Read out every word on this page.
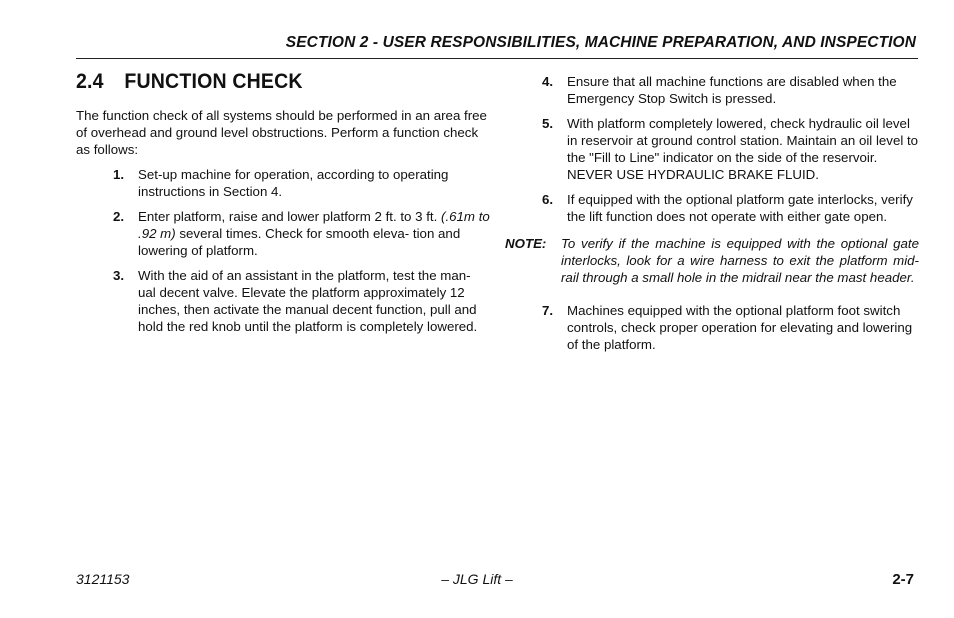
SECTION 2 - USER RESPONSIBILITIES, MACHINE PREPARATION, AND INSPECTION
2.4 FUNCTION CHECK

The function check of all systems should be performed in an area free of overhead and ground level obstructions. Perform a function check as follows:

1. Set-up machine for operation, according to operating instructions in Section 4.
2. Enter platform, raise and lower platform 2 ft. to 3 ft. (.61m to .92 m) several times. Check for smooth eleva- tion and lowering of platform.
3. With the aid of an assistant in the platform, test the man- ual decent valve. Elevate the platform approximately 12 inches, then activate the manual decent function, pull and hold the red knob until the platform is completely lowered.
4. Ensure that all machine functions are disabled when the Emergency Stop Switch is pressed.
5. With platform completely lowered, check hydraulic oil level in reservoir at ground control station. Maintain an oil level to the "Fill to Line" indicator on the side of the reservoir. NEVER USE HYDRAULIC BRAKE FLUID.
6. If equipped with the optional platform gate interlocks, verify the lift function does not operate with either gate open.
NOTE: To verify if the machine is equipped with the optional gate interlocks, look for a wire harness to exit the platform mid- rail through a small hole in the midrail near the mast header.
7. Machines equipped with the optional platform foot switch controls, check proper operation for elevating and lowering of the platform.
3121153	– JLG Lift –	2-7
